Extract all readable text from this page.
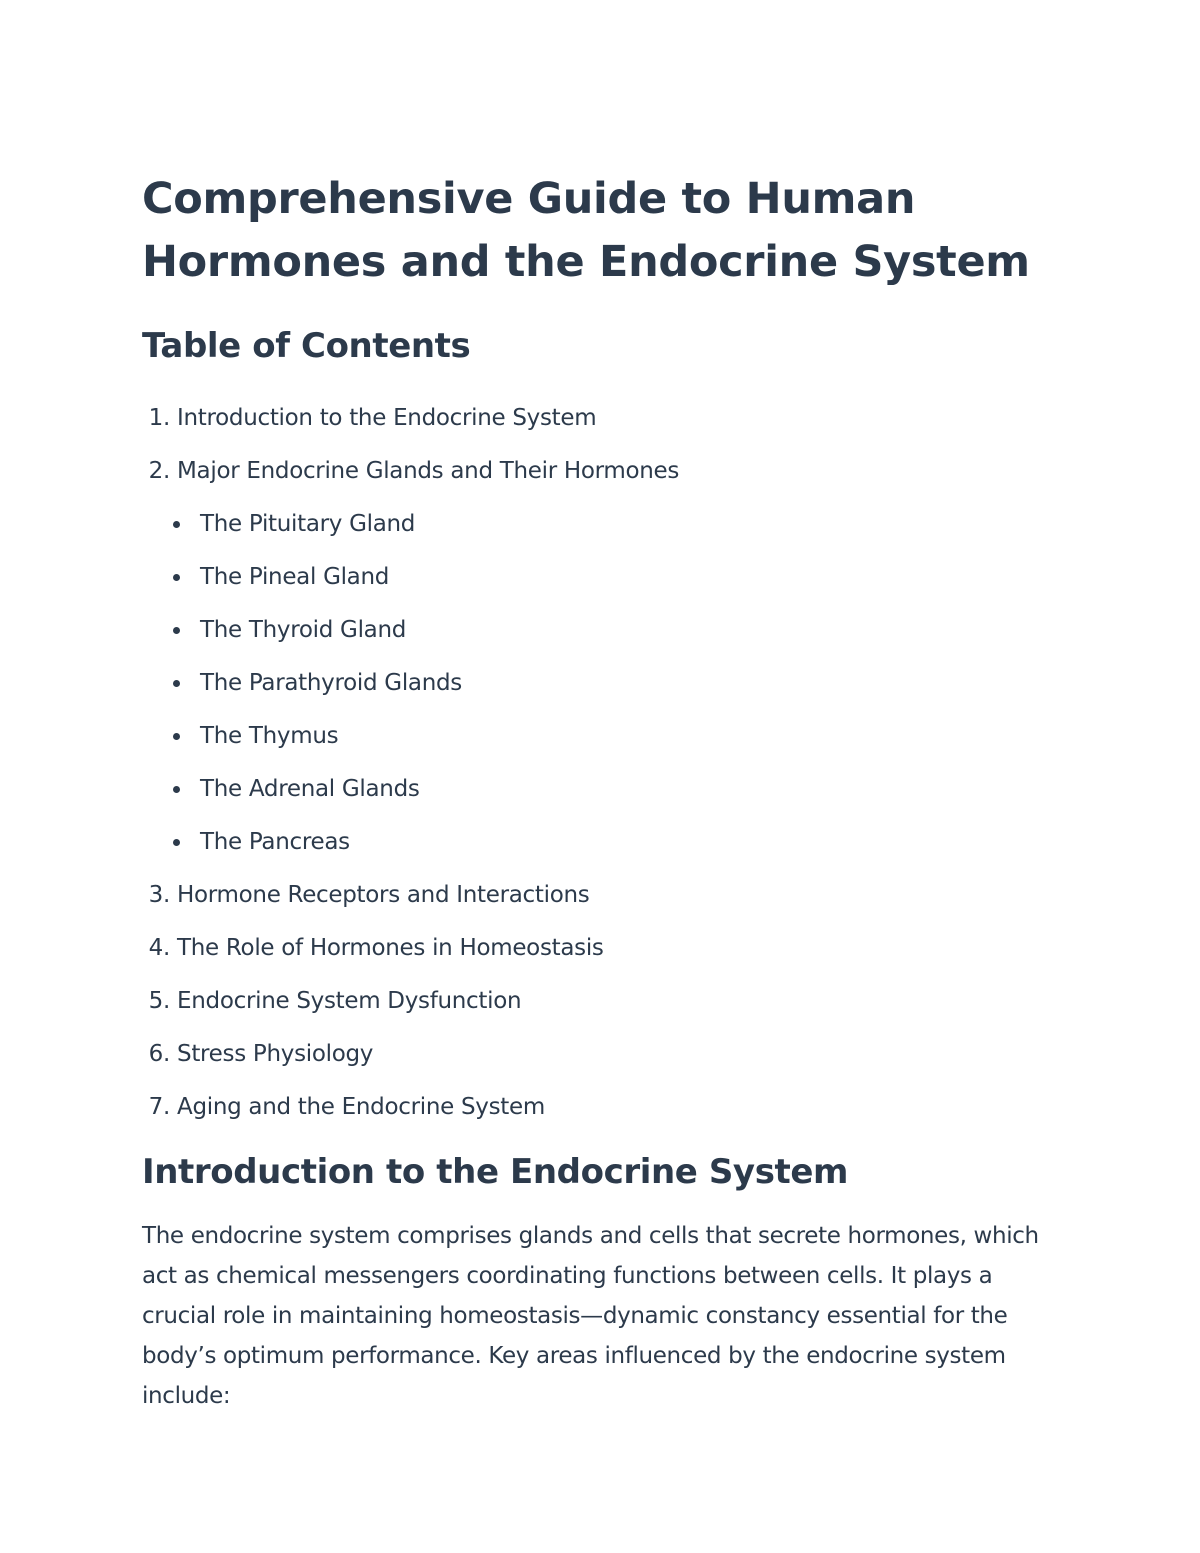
Comprehensive Guide to Human
Hormones and the Endocrine System
Table of Contents
1. Introduction to the Endocrine System
2. Major Endocrine Glands and Their Hormones
The Pituitary Gland
The Pineal Gland
The Thyroid Gland
The Parathyroid Glands
The Thymus
The Adrenal Glands
The Pancreas
3. Hormone Receptors and Interactions
4. The Role of Hormones in Homeostasis
5. Endocrine System Dysfunction
6. Stress Physiology
7. Aging and the Endocrine System
Introduction to the Endocrine System

The endocrine system comprises glands and cells that secrete hormones, which act as chemical messengers coordinating functions between cells. It plays a crucial role in maintaining homeostasis—dynamic constancy essential for the body’s optimum performance. Key areas influenced by the endocrine system include:
